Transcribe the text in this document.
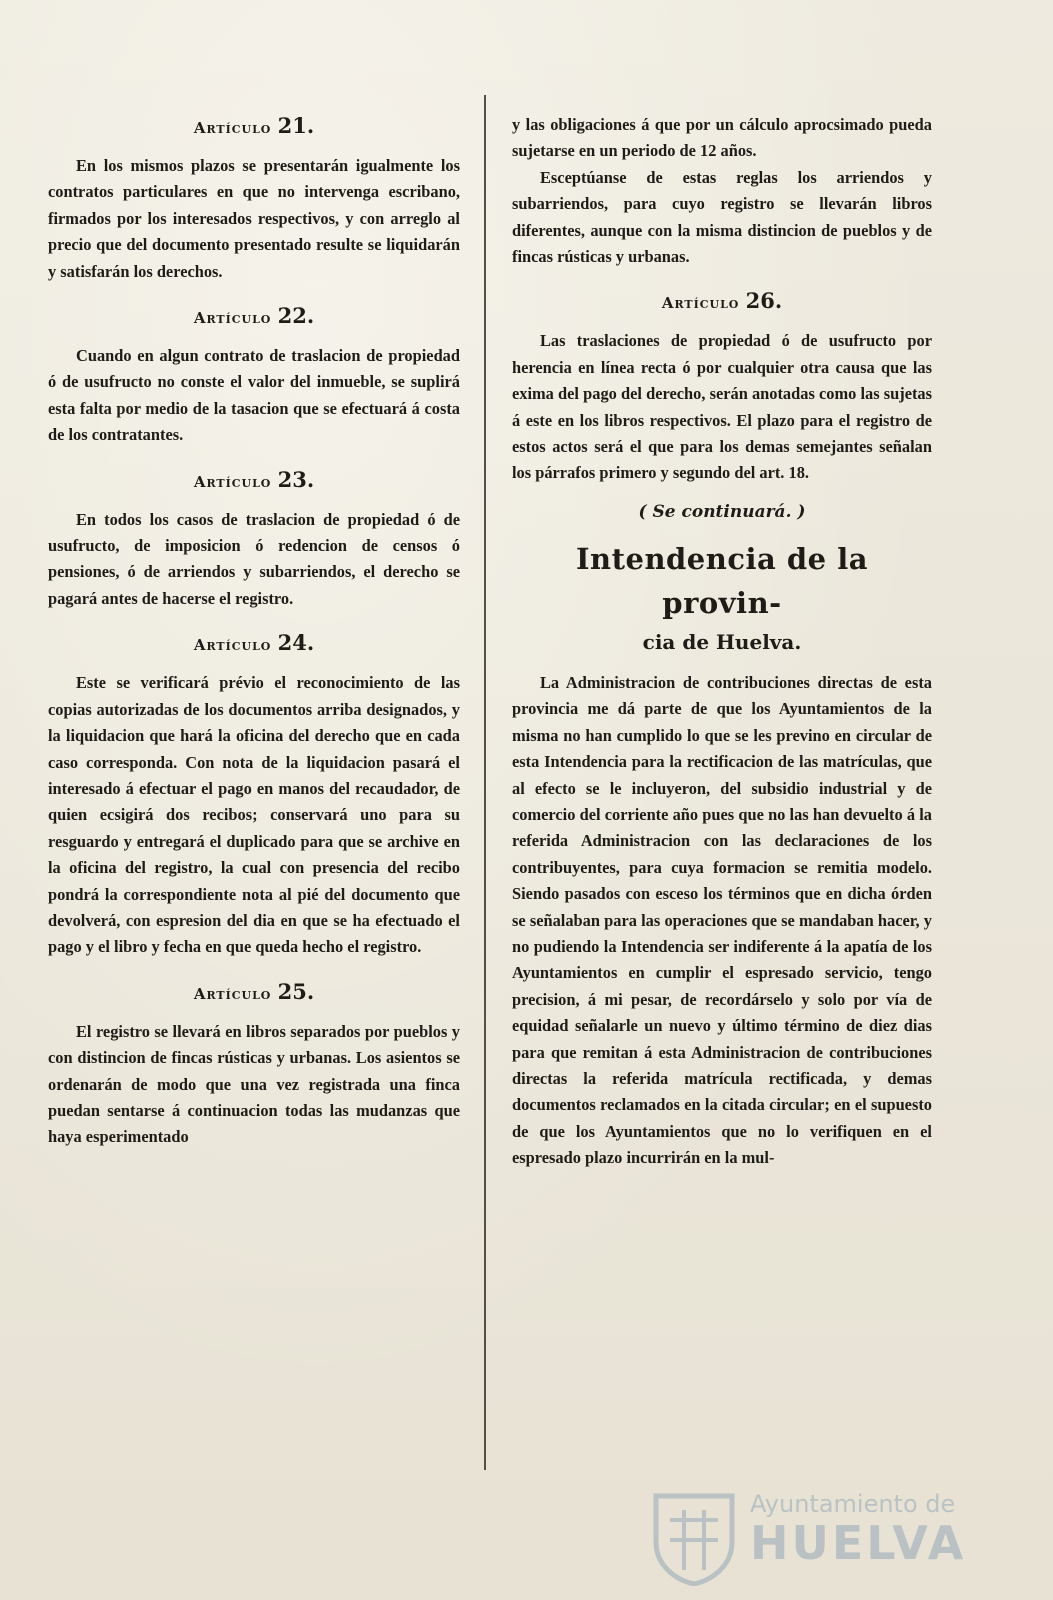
Artículo 21.

En los mismos plazos se presentarán igualmente los contratos particulares en que no intervenga escribano, firmados por los interesados respectivos, y con arreglo al precio que del documento presentado resulte se liquidarán y satisfarán los derechos.

Artículo 22.

Cuando en algun contrato de traslacion de propiedad ó de usufructo no conste el valor del inmueble, se suplirá esta falta por medio de la tasacion que se efectuará á costa de los contratantes.

Artículo 23.

En todos los casos de traslacion de propiedad ó de usufructo, de imposicion ó redencion de censos ó pensiones, ó de arriendos y subarriendos, el derecho se pagará antes de hacerse el registro.

Artículo 24.

Este se verificará prévio el reconocimiento de las copias autorizadas de los documentos arriba designados, y la liquidacion que hará la oficina del derecho que en cada caso corresponda. Con nota de la liquidacion pasará el interesado á efectuar el pago en manos del recaudador, de quien ecsigirá dos recibos; conservará uno para su resguardo y entregará el duplicado para que se archive en la oficina del registro, la cual con presencia del recibo pondrá la correspondiente nota al pié del documento que devolverá, con espresion del dia en que se ha efectuado el pago y el libro y fecha en que queda hecho el registro.

Artículo 25.

El registro se llevará en libros separados por pueblos y con distincion de fincas rústicas y urbanas. Los asientos se ordenarán de modo que una vez registrada una finca puedan sentarse á continuacion todas las mudanzas que haya esperimentado

y las obligaciones á que por un cálculo aprocsimado pueda sujetarse en un periodo de 12 años.

Esceptúanse de estas reglas los arriendos y subarriendos, para cuyo registro se llevarán libros diferentes, aunque con la misma distincion de pueblos y de fincas rústicas y urbanas.

Artículo 26.

Las traslaciones de propiedad ó de usufructo por herencia en línea recta ó por cualquier otra causa que las exima del pago del derecho, serán anotadas como las sujetas á este en los libros respectivos. El plazo para el registro de estos actos será el que para los demas semejantes señalan los párrafos primero y segundo del art. 18.

( Se continuará. )

Intendencia de la provin-

cia de Huelva.

La Administracion de contribuciones directas de esta provincia me dá parte de que los Ayuntamientos de la misma no han cumplido lo que se les previno en circular de esta Intendencia para la rectificacion de las matrículas, que al efecto se le incluyeron, del subsidio industrial y de comercio del corriente año pues que no las han devuelto á la referida Administracion con las declaraciones de los contribuyentes, para cuya formacion se remitia modelo. Siendo pasados con esceso los términos que en dicha órden se señalaban para las operaciones que se mandaban hacer, y no pudiendo la Intendencia ser indiferente á la apatía de los Ayuntamientos en cumplir el espresado servicio, tengo precision, á mi pesar, de recordárselo y solo por vía de equidad señalarle un nuevo y último término de diez dias para que remitan á esta Administracion de contribuciones directas la referida matrícula rectificada, y demas documentos reclamados en la citada circular; en el supuesto de que los Ayuntamientos que no lo verifiquen en el espresado plazo incurrirán en la mul-

Ayuntamiento de
HUELVA
